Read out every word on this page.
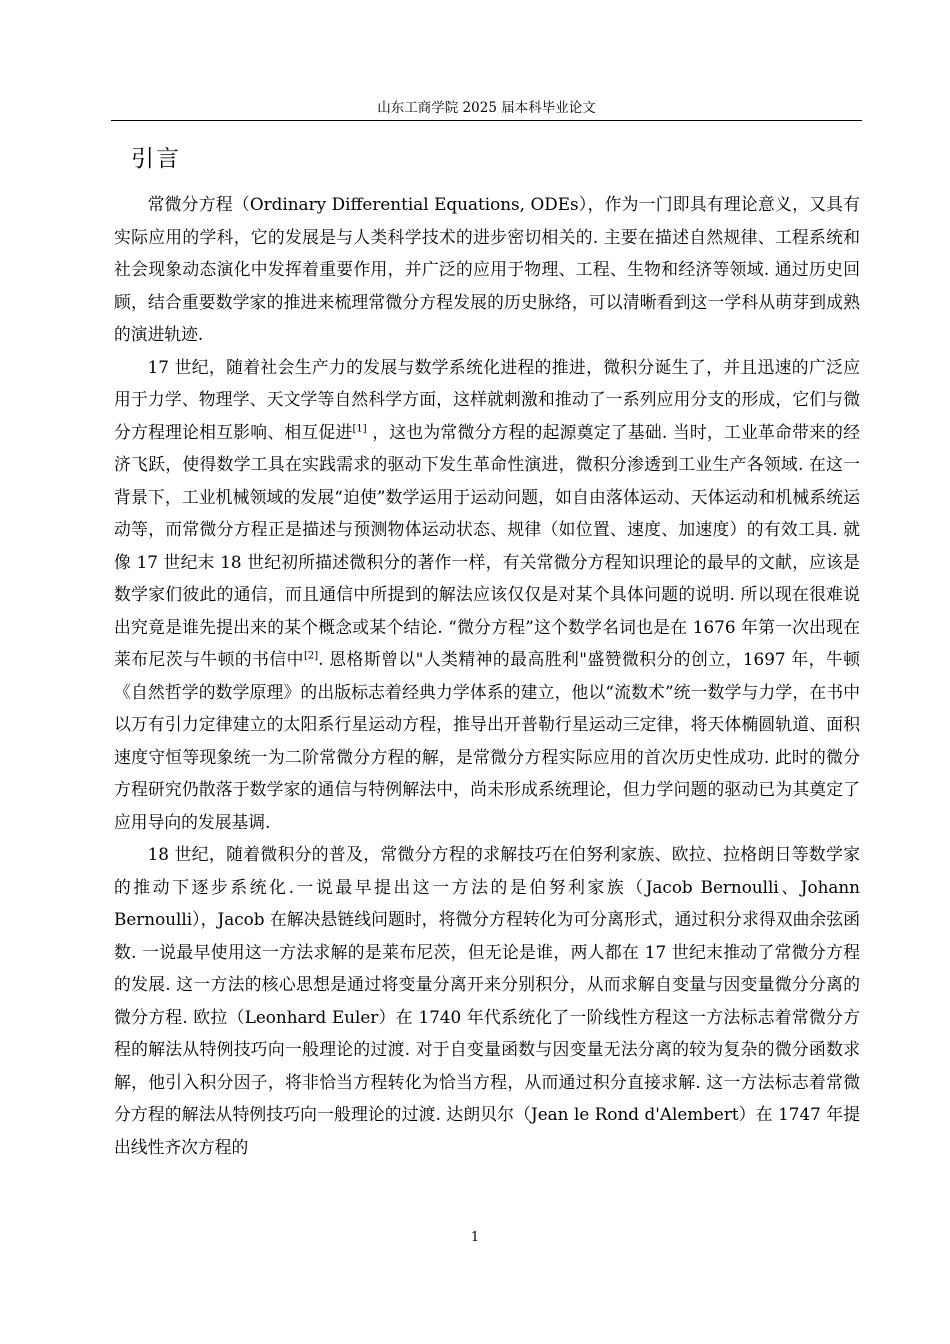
山东工商学院 2025 届本科毕业论文
引言

常微分方程（Ordinary Differential Equations, ODEs），作为一门即具有理论意义，又具有实际应用的学科，它的发展是与人类科学技术的进步密切相关的. 主要在描述自然规律、工程系统和社会现象动态演化中发挥着重要作用，并广泛的应用于物理、工程、生物和经济等领域. 通过历史回顾，结合重要数学家的推进来梳理常微分方程发展的历史脉络，可以清晰看到这一学科从萌芽到成熟的演进轨迹.

17 世纪，随着社会生产力的发展与数学系统化进程的推进，微积分诞生了，并且迅速的广泛应用于力学、物理学、天文学等自然科学方面，这样就刺激和推动了一系列应用分支的形成，它们与微分方程理论相互影响、相互促进[1] ，这也为常微分方程的起源奠定了基础. 当时，工业革命带来的经济飞跃，使得数学工具在实践需求的驱动下发生革命性演进，微积分渗透到工业生产各领域. 在这一背景下，工业机械领域的发展“迫使”数学运用于运动问题，如自由落体运动、天体运动和机械系统运动等，而常微分方程正是描述与预测物体运动状态、规律（如位置、速度、加速度）的有效工具. 就像 17 世纪末 18 世纪初所描述微积分的著作一样，有关常微分方程知识理论的最早的文献，应该是数学家们彼此的通信，而且通信中所提到的解法应该仅仅是对某个具体问题的说明. 所以现在很难说出究竟是谁先提出来的某个概念或某个结论. “微分方程”这个数学名词也是在 1676 年第一次出现在莱布尼茨与牛顿的书信中[2]. 恩格斯曾以"人类精神的最高胜利"盛赞微积分的创立，1697 年，牛顿《自然哲学的数学原理》的出版标志着经典力学体系的建立，他以“流数术”统一数学与力学，在书中以万有引力定律建立的太阳系行星运动方程，推导出开普勒行星运动三定律，将天体椭圆轨道、面积速度守恒等现象统一为二阶常微分方程的解，是常微分方程实际应用的首次历史性成功. 此时的微分方程研究仍散落于数学家的通信与特例解法中，尚未形成系统理论，但力学问题的驱动已为其奠定了应用导向的发展基调.

18 世纪，随着微积分的普及，常微分方程的求解技巧在伯努利家族、欧拉、拉格朗日等数学家的推动下逐步系统化.一说最早提出这一方法的是伯努利家族（Jacob Bernoulli、Johann Bernoulli），Jacob 在解决悬链线问题时，将微分方程转化为可分离形式，通过积分求得双曲余弦函数. 一说最早使用这一方法求解的是莱布尼茨，但无论是谁，两人都在 17 世纪末推动了常微分方程的发展. 这一方法的核心思想是通过将变量分离开来分别积分，从而求解自变量与因变量微分分离的微分方程. 欧拉（Leonhard Euler）在 1740 年代系统化了一阶线性方程这一方法标志着常微分方程的解法从特例技巧向一般理论的过渡. 对于自变量函数与因变量无法分离的较为复杂的微分函数求解，他引入积分因子，将非恰当方程转化为恰当方程，从而通过积分直接求解. 这一方法标志着常微分方程的解法从特例技巧向一般理论的过渡. 达朗贝尔（Jean le Rond d'Alembert）在 1747 年提出线性齐次方程的

1
